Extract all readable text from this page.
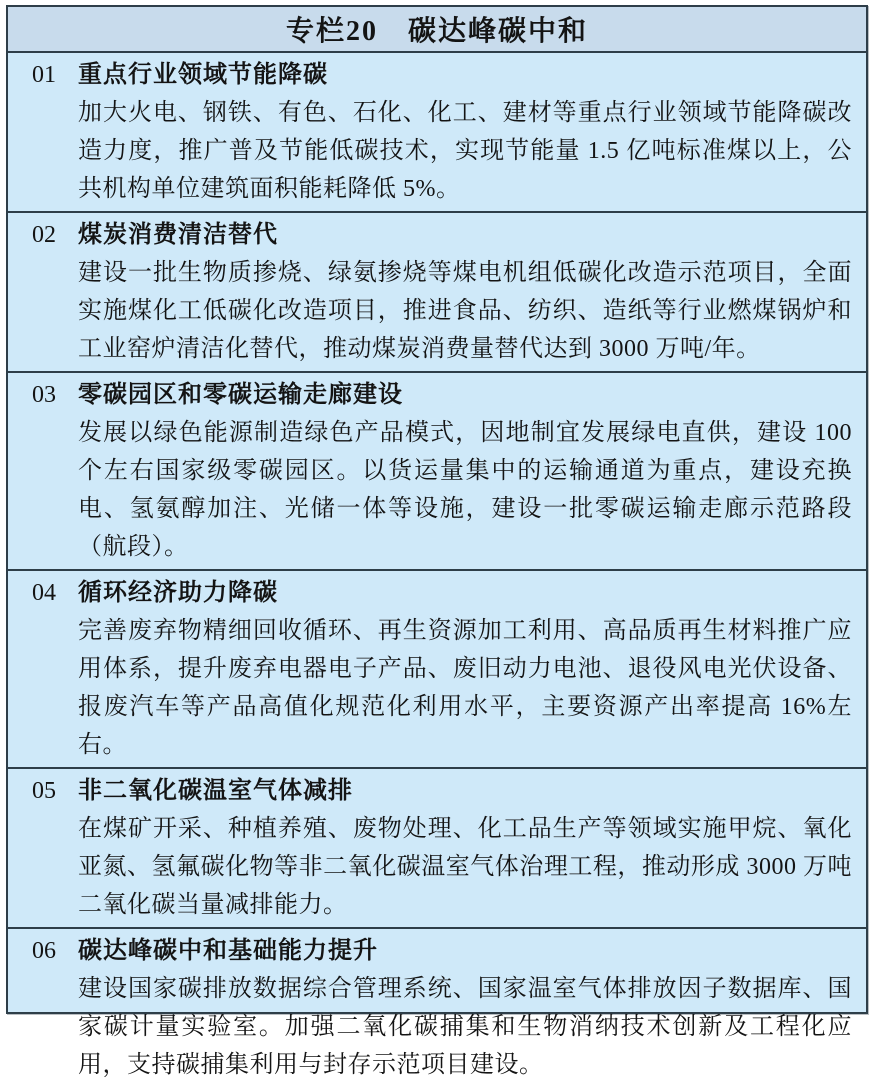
专栏20　碳达峰碳中和
01 重点行业领域节能降碳
加大火电、钢铁、有色、石化、化工、建材等重点行业领域节能降碳改造力度，推广普及节能低碳技术，实现节能量 1.5 亿吨标准煤以上，公共机构单位建筑面积能耗降低 5%。
02 煤炭消费清洁替代
建设一批生物质掺烧、绿氨掺烧等煤电机组低碳化改造示范项目，全面实施煤化工低碳化改造项目，推进食品、纺织、造纸等行业燃煤锅炉和工业窑炉清洁化替代，推动煤炭消费量替代达到 3000 万吨/年。
03 零碳园区和零碳运输走廊建设
发展以绿色能源制造绿色产品模式，因地制宜发展绿电直供，建设 100 个左右国家级零碳园区。以货运量集中的运输通道为重点，建设充换电、氢氨醇加注、光储一体等设施，建设一批零碳运输走廊示范路段（航段）。
04 循环经济助力降碳
完善废弃物精细回收循环、再生资源加工利用、高品质再生材料推广应用体系，提升废弃电器电子产品、废旧动力电池、退役风电光伏设备、报废汽车等产品高值化规范化利用水平，主要资源产出率提高 16%左右。
05 非二氧化碳温室气体减排
在煤矿开采、种植养殖、废物处理、化工品生产等领域实施甲烷、氧化亚氮、氢氟碳化物等非二氧化碳温室气体治理工程，推动形成 3000 万吨二氧化碳当量减排能力。
06 碳达峰碳中和基础能力提升
建设国家碳排放数据综合管理系统、国家温室气体排放因子数据库、国家碳计量实验室。加强二氧化碳捕集和生物消纳技术创新及工程化应用，支持碳捕集利用与封存示范项目建设。
